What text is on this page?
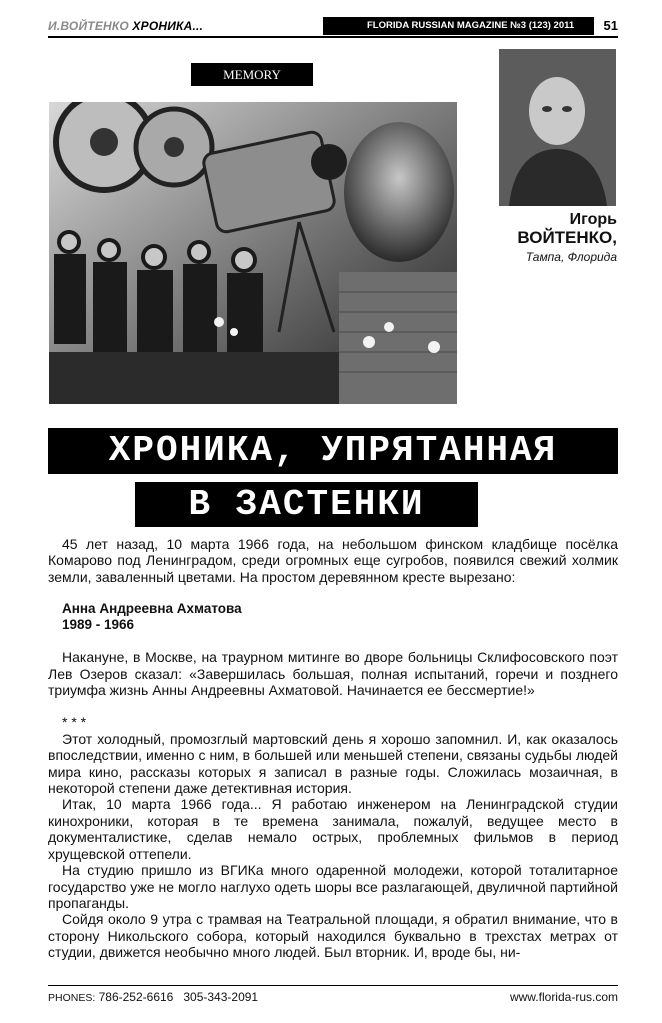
И.ВОЙТЕНКО ХРОНИКА...	FLORIDA RUSSIAN MAGAZINE №3 (123) 2011	51
MEMORY
Игорь
ВОЙТЕНКО,
Тампа, Флорида
ХРОНИКА, УПРЯТАННАЯ
В ЗАСТЕНКИ

45 лет назад, 10 марта 1966 года, на небольшом финском кладбище посёлка Комарово под Ленинградом, среди огромных еще сугробов, появился свежий холмик земли, заваленный цветами. На простом деревянном кресте вырезано:

Анна Андреевна Ахматова

1989 - 1966

Накануне, в Москве, на траурном митинге во дворе больницы Склифосовского поэт Лев Озеров сказал: «Завершилась большая, полная испытаний, горечи и позднего триумфа жизнь Анны Андреевны Ахматовой. Начинается ее бессмертие!»

* * *

Этот холодный, промозглый мартовский день я хорошо запомнил. И, как оказалось впоследствии, именно с ним, в большей или меньшей степени, связаны судьбы людей мира кино, рассказы которых я записал в разные годы. Сложилась мозаичная, в некоторой степени даже детективная история.

Итак, 10 марта 1966 года... Я работаю инженером на Ленинградской студии кинохроники, которая в те времена занимала, пожалуй, ведущее место в документалистике, сделав немало острых, проблемных фильмов в период хрущевской оттепели.

На студию пришло из ВГИКа много одаренной молодежи, которой тоталитарное государство уже не могло наглухо одеть шоры все разлагающей, двуличной партийной пропаганды.

Сойдя около 9 утра с трамвая на Театральной площади, я обратил внимание, что в сторону Никольского собора, который находился буквально в трехстах метрах от студии, движется необычно много людей. Был вторник. И, вроде бы, ни-

PHONES: 786-252-6616 305-343-2091	www.florida-rus.com
